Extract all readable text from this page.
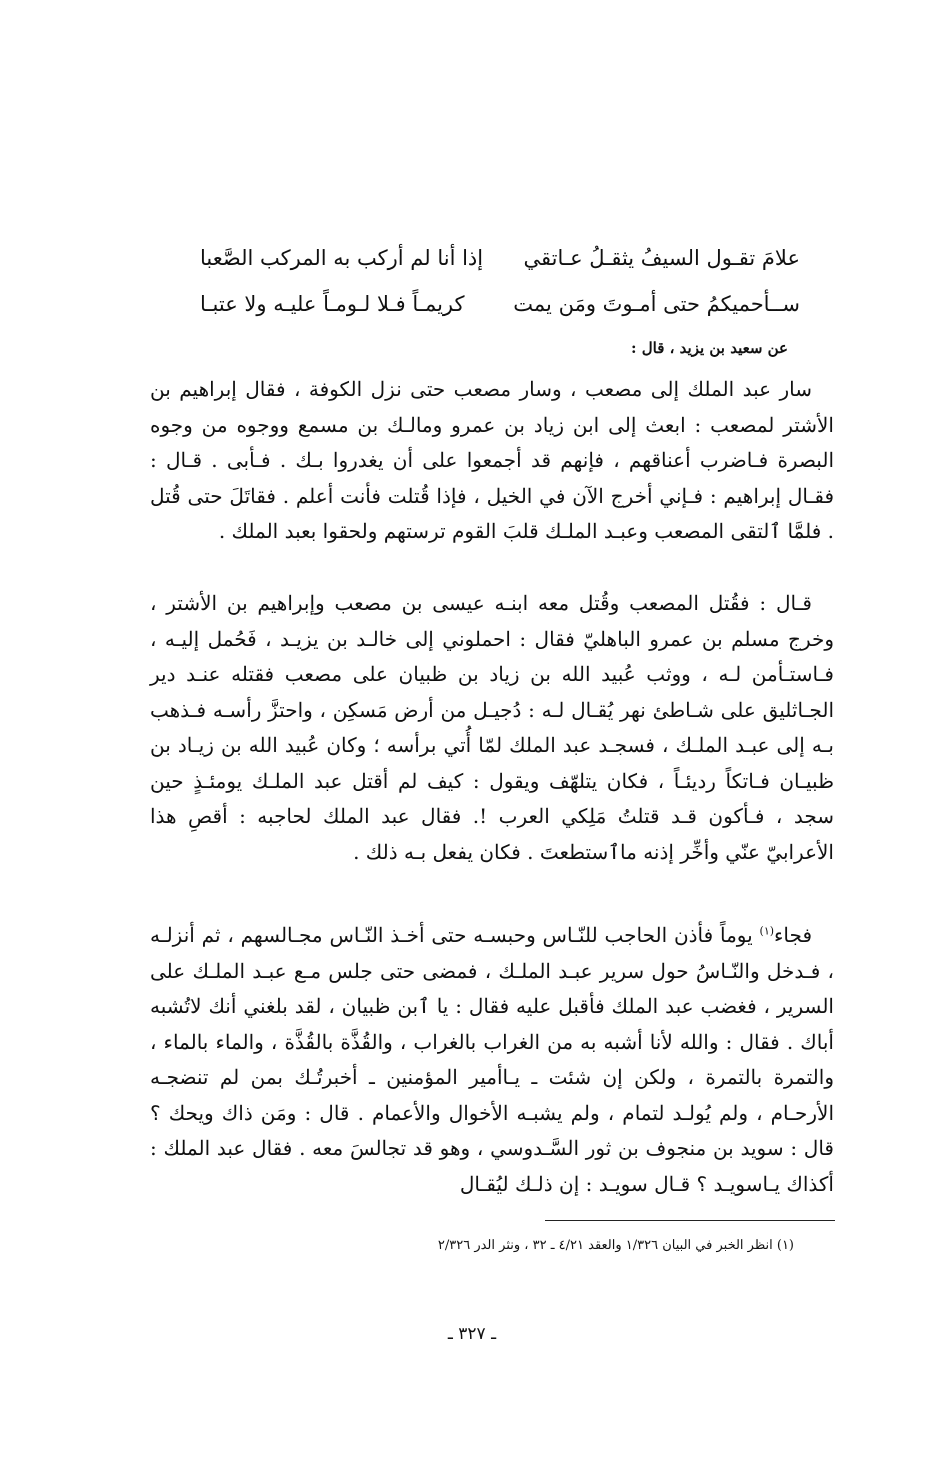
علامَ تقـول السيفُ يثقـلُ عـاتقي
إذا أنا لم أركب به المركب الصَّعبا
ســأحميكمُ حتى أمـوتَ ومَن يمت
كريمـاً فـلا لـومـاً عليـه ولا عتبـا
عن سعيد بن يزيد ، قال :

سار عبد الملك إلى مصعب ، وسار مصعب حتى نزل الكوفة ، فقال إبراهيم بن الأشتر لمصعب : ابعث إلى ابن زياد بن عمرو ومالـك بن مسمع ووجوه من وجوه البصرة فـاضرب أعناقهم ، فإنهم قد أجمعوا على أن يغدروا بـك . فـأبى . قـال : فقـال إبراهيم : فـإني أخرج الآن في الخيل ، فإذا قُتلت فأنت أعلم . فقاتَلَ حتى قُتل . فلمَّا ٱلتقى المصعب وعبـد الملـك قلبَ القوم ترستهم ولحقوا بعبد الملك .

قـال : فقُتل المصعب وقُتل معه ابنـه عيسى بن مصعب وإبراهيم بن الأشتر ، وخرج مسلم بن عمرو الباهليّ فقال : احملوني إلى خالـد بن يزيـد ، فَحُمل إليـه ، فـاستـأمن لـه ، ووثب عُبيد الله بن زياد بن ظبيان على مصعب فقتله عنـد دير الجـاثليق على شـاطئ نهر يُقـال لـه : دُجيـل من أرض مَسكِن ، واحتزَّ رأسـه فـذهب بـه إلى عبـد الملـك ، فسجـد عبد الملك لمّا أُتي برأسه ؛ وكان عُبيد الله بن زيـاد بن ظبيـان فـاتكاً رديئـاً ، فكان يتلهّف ويقول : كيف لم أقتل عبد الملـك يومئـذٍ حين سجد ، فـأكون قـد قتلتُ مَلِكي العرب !. فقال عبد الملك لحاجبه : أقصِ هذا الأعرابيّ عنّي وأخِّر إذنه ماٱستطعتَ . فكان يفعل بـه ذلك .

فجاء$^{(١)}$ يوماً فأذن الحاجب للنّـاس وحبسـه حتى أخـذ النّـاس مجـالسهم ، ثم أنزلـه ، فـدخل والنّـاسُ حول سرير عبـد الملـك ، فمضى حتى جلس مـع عبـد الملـك على السرير ، فغضب عبد الملك فأقبل عليه فقال : يا ٱبن ظبيان ، لقد بلغني أنك لاتُشبه أباك . فقال : والله لأنا أشبه به من الغراب بالغراب ، والقُذَّة بالقُذَّة ، والماء بالماء ، والتمرة بالتمرة ، ولكن إن شئت ـ يـاأمير المؤمنين ـ أخبرتُـك بمن لم تنضجـه الأرحـام ، ولم يُولـد لتمام ، ولم يشبـه الأخوال والأعمام . قال : ومَن ذاك ويحك ؟ قال : سويد بن منجوف بن ثور السَّـدوسي ، وهو قد تجالسَ معه . فقال عبد الملك : أكذاك يـاسويـد ؟ قـال سويـد : إن ذلـك ليُقـال

(١) انظر الخبر في البيان ١/٣٢٦ والعقد ٤/٢١ ـ ٣٢ ، ونثر الدر ٢/٣٢٦
ـ ٣٢٧ ـ
